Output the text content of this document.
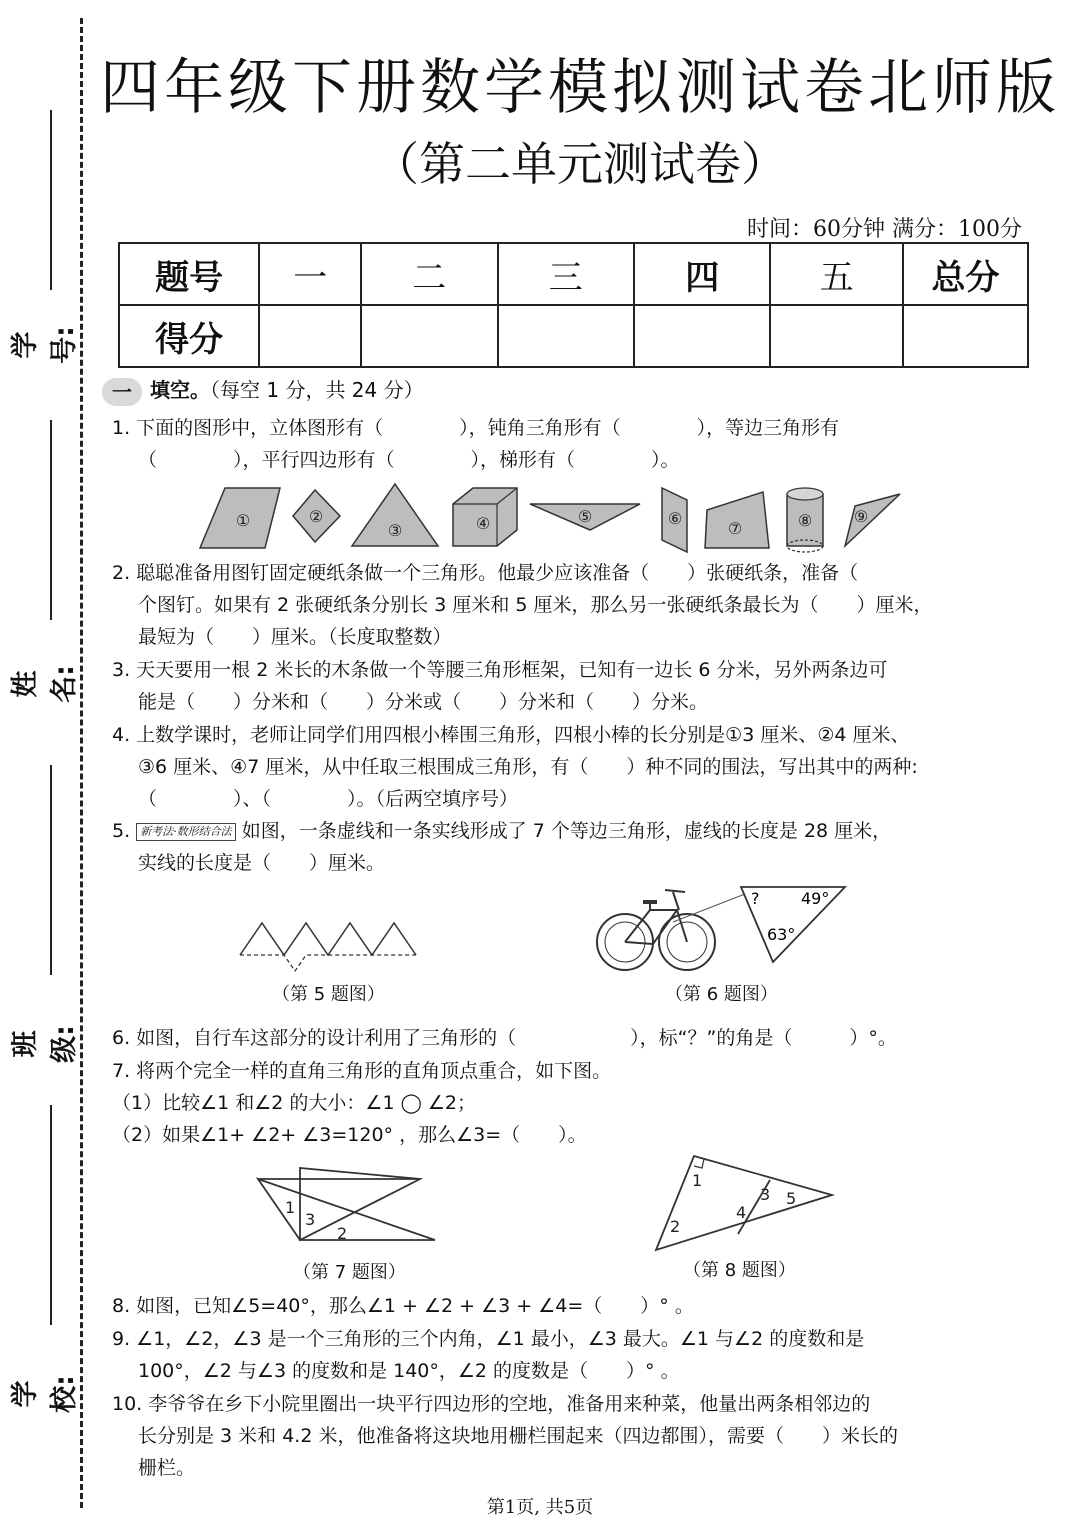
学号:
姓名:
班级:
学校:
四年级下册数学模拟测试卷北师版
（第二单元测试卷）
时间：60分钟 满分：100分
题号	一	二	三	四	五	总分
得分						
一 填空。（每空 1 分，共 24 分）
1. 下面的图形中，立体图形有（　　　　），钝角三角形有（　　　　），等边三角形有
（　　　　），平行四边形有（　　　　），梯形有（　　　　）。
①	②
③	④	⑤	⑥
⑦	⑧	⑨
2. 聪聪准备用图钉固定硬纸条做一个三角形。他最少应该准备（　　）张硬纸条，准备（
个图钉。如果有 2 张硬纸条分别长 3 厘米和 5 厘米，那么另一张硬纸条最长为（　　）厘米，
最短为（　　）厘米。（长度取整数）
3. 天天要用一根 2 米长的木条做一个等腰三角形框架，已知有一边长 6 分米，另外两条边可
能是（　　）分米和（　　）分米或（　　）分米和（　　）分米。
4. 上数学课时，老师让同学们用四根小棒围三角形，四根小棒的长分别是①3 厘米、②4 厘米、
③6 厘米、④7 厘米，从中任取三根围成三角形，有（　　）种不同的围法，写出其中的两种:
（　　　　）、（　　　　）。（后两空填序号）
5. 新考法·数形结合法 如图，一条虚线和一条实线形成了 7 个等边三角形，虚线的长度是 28 厘米，
实线的长度是（　　）厘米。
（第 5 题图）
?	49°
63°
（第 6 题图）
6. 如图，自行车这部分的设计利用了三角形的（　　　　　　），标“？”的角是（　　　）°。
7. 将两个完全一样的直角三角形的直角顶点重合，如下图。
（1）比较∠1 和∠2 的大小：∠1 ◯ ∠2；
（2）如果∠1+ ∠2+ ∠3=120° ，那么∠3=（　　）。
1
2
3
（第 7 题图）
1
2
3
4
5
（第 8 题图）
8. 如图，已知∠5=40°，那么∠1 + ∠2 + ∠3 + ∠4=（　　）° 。
9. ∠1，∠2，∠3 是一个三角形的三个内角，∠1 最小，∠3 最大。∠1 与∠2 的度数和是
100°，∠2 与∠3 的度数和是 140°，∠2 的度数是（　　）° 。
10. 李爷爷在乡下小院里圈出一块平行四边形的空地，准备用来种菜，他量出两条相邻边的
长分别是 3 米和 4.2 米，他准备将这块地用栅栏围起来（四边都围），需要（　　）米长的
栅栏。
第1页, 共5页
